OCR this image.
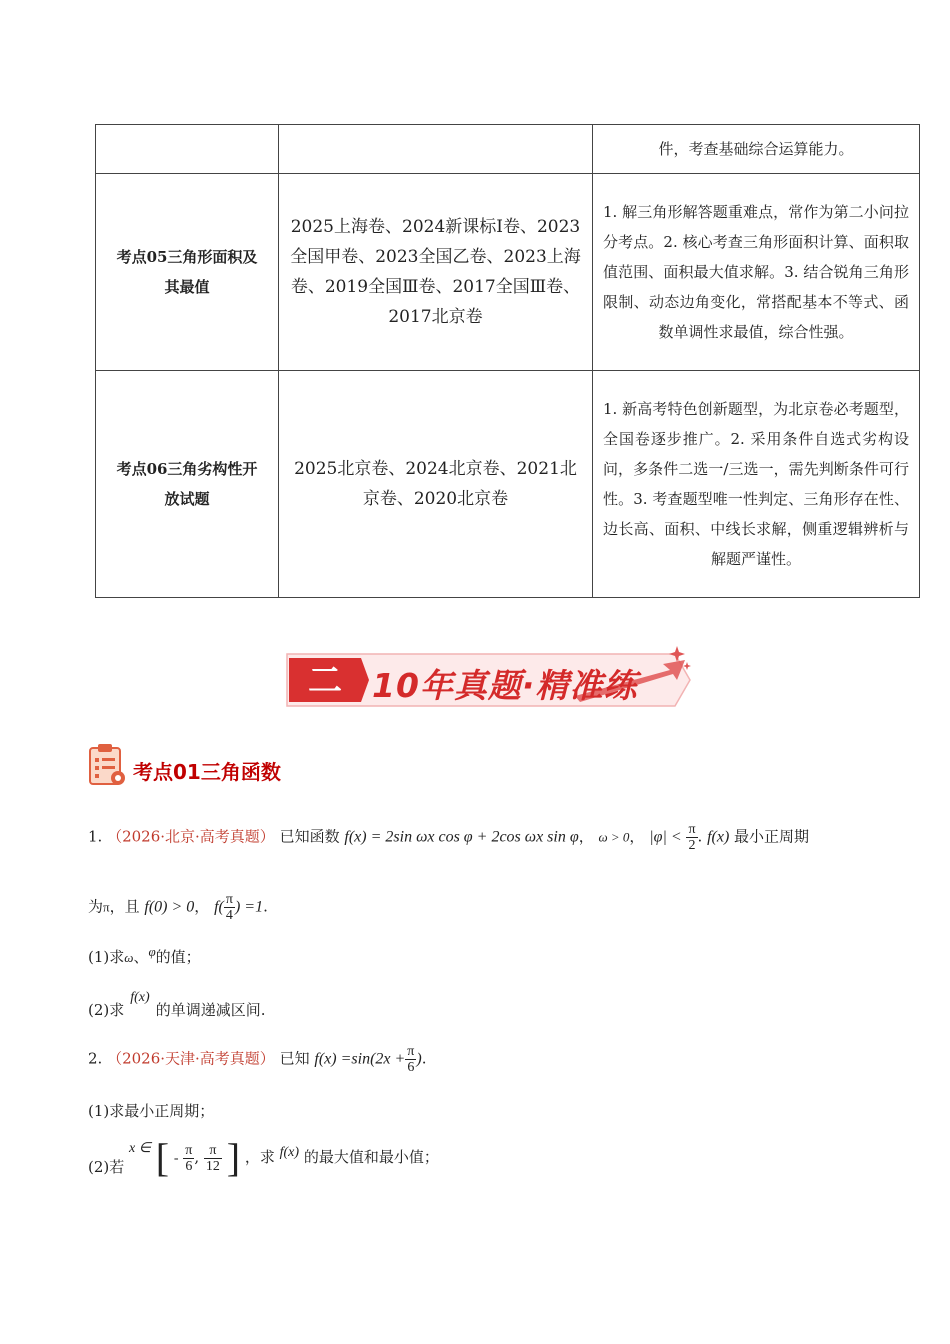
		件，考查基础综合运算能力。
考点05三角形面积及其最值	2025上海卷、2024新课标Ⅰ卷、2023全国甲卷、2023全国乙卷、2023上海卷、2019全国Ⅲ卷、2017全国Ⅲ卷、2017北京卷	1. 解三角形解答题重难点，常作为第二小问拉分考点。2. 核心考查三角形面积计算、面积取值范围、面积最大值求解。3. 结合锐角三角形限制、动态边角变化，常搭配基本不等式、函数单调性求最值，综合性强。
考点06三角劣构性开放试题	2025北京卷、2024北京卷、2021北京卷、2020北京卷	1. 新高考特色创新题型，为北京卷必考题型，全国卷逐步推广。2. 采用条件自选式劣构设问，多条件二选一/三选一，需先判断条件可行性。3. 考查题型唯一性判定、三角形存在性、边长高、面积、中线长求解，侧重逻辑辨析与解题严谨性。
二 10年真题·精准练
考点01三角函数
1. （2026·北京·高考真题） 已知函数 f(x) = 2sin ωx cos φ + 2cos ωx sin φ， ω > 0， $|\varphi| < \frac{\pi}{2}$ . f(x) 最小正周期
为π，且 f(0) > 0， $f( \frac{\pi}{4}$ ) =1.
(1)求ω、φ的值；
(2)求f(x)的单调递减区间.
2. （2026·天津·高考真题） 已知 $f(x) =\sin(2x + \frac{\pi}{6}$ ).
(1)求最小正周期；
(2)若 x ∈ [ - $\frac{\pi}{6}$ , $\frac{\pi}{12}$ ] ，求 f(x) 的最大值和最小值；
